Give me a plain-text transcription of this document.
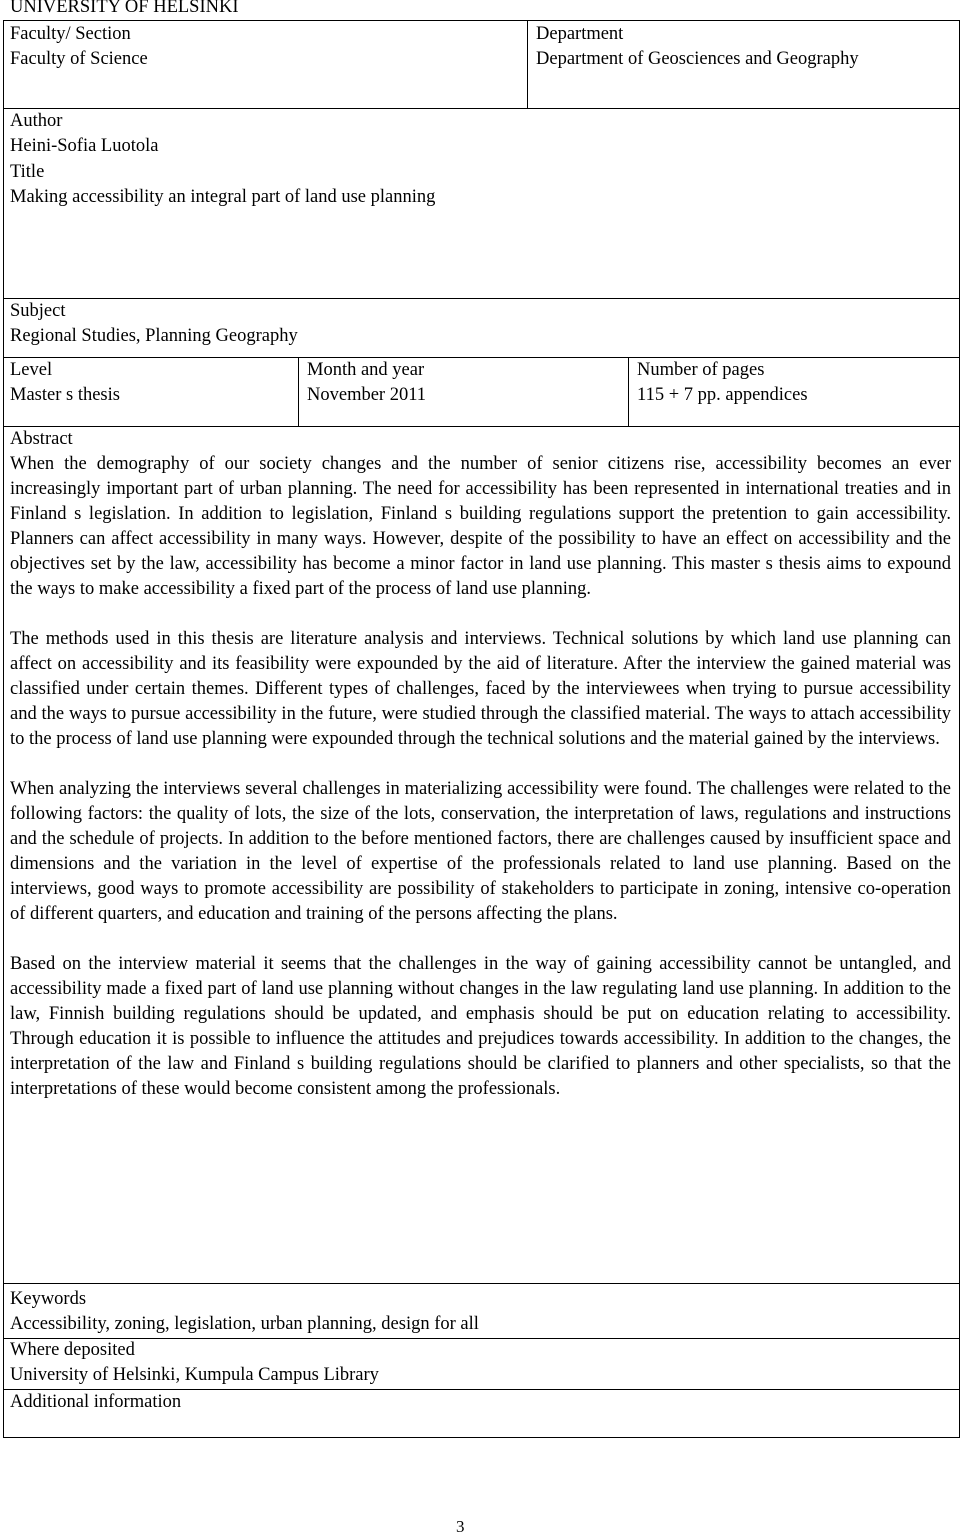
UNIVERSITY OF HELSINKI
Faculty/ Section
Faculty of Science
Department
Department of Geosciences and Geography
Author
Heini-Sofia Luotola
Title
Making accessibility an integral part of land use planning
Subject
Regional Studies, Planning Geography
Level
Master s thesis
Month and year
November 2011
Number of pages
115 + 7 pp. appendices
Abstract

When the demography of our society changes and the number of senior citizens rise, accessibility becomes an ever increasingly important part of urban planning. The need for accessibility has been represented in international treaties and in Finland s legislation. In addition to legislation, Finland s building regulations support the pretention to gain accessibility. Planners can affect accessibility in many ways. However, despite of the possibility to have an effect on accessibility and the objectives set by the law, accessibility has become a minor factor in land use planning. This master s thesis aims to expound the ways to make accessibility a fixed part of the process of land use planning.

The methods used in this thesis are literature analysis and interviews. Technical solutions by which land use planning can affect on accessibility and its feasibility were expounded by the aid of literature. After the interview the gained material was classified under certain themes. Different types of challenges, faced by the interviewees when trying to pursue accessibility and the ways to pursue accessibility in the future, were studied through the classified material. The ways to attach accessibility to the process of land use planning were expounded through the technical solutions and the material gained by the interviews.

When analyzing the interviews several challenges in materializing accessibility were found. The challenges were related to the following factors: the quality of lots, the size of the lots, conservation, the interpretation of laws, regulations and instructions and the schedule of projects. In addition to the before mentioned factors, there are challenges caused by insufficient space and dimensions and the variation in the level of expertise of the professionals related to land use planning. Based on the interviews, good ways to promote accessibility are possibility of stakeholders to participate in zoning, intensive co-operation of different quarters, and education and training of the persons affecting the plans.

Based on the interview material it seems that the challenges in the way of gaining accessibility cannot be untangled, and accessibility made a fixed part of land use planning without changes in the law regulating land use planning. In addition to the law, Finnish building regulations should be updated, and emphasis should be put on education relating to accessibility. Through education it is possible to influence the attitudes and prejudices towards accessibility. In addition to the changes, the interpretation of the law and Finland s building regulations should be clarified to planners and other specialists, so that the interpretations of these would become consistent among the professionals.

Keywords
Accessibility, zoning, legislation, urban planning, design for all
Where deposited
University of Helsinki, Kumpula Campus Library
Additional information
3
